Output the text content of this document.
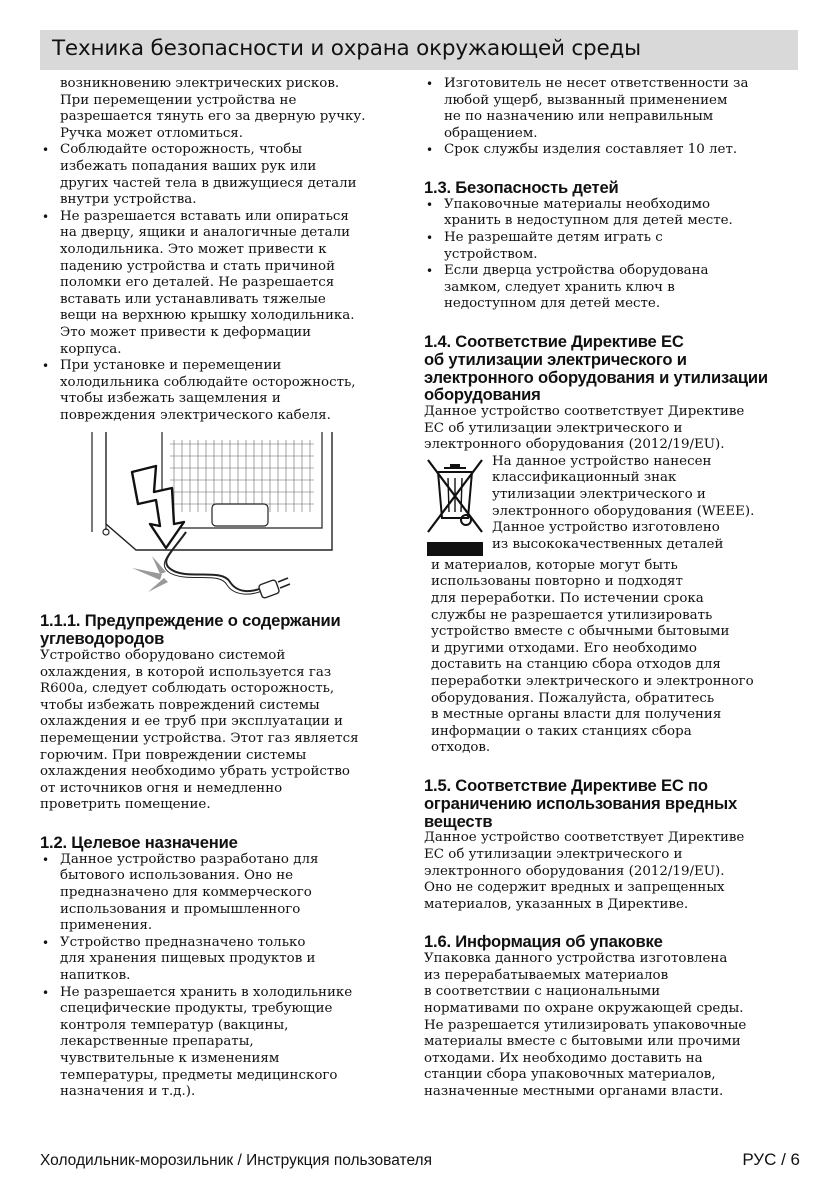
Техника безопасности и охрана окружающей среды

возникновению электрических рисков.

При перемещении устройства не

разрешается тянуть его за дверную ручку.

Ручка может отломиться.

• Соблюдайте осторожность, чтобы
избежать попадания ваших рук или
других частей тела в движущиеся детали
внутри устройства.
• Не разрешается вставать или опираться
на дверцу, ящики и аналогичные детали
холодильника. Это может привести к
падению устройства и стать причиной
поломки его деталей. Не разрешается
вставать или устанавливать тяжелые
вещи на верхнюю крышку холодильника.
Это может привести к деформации
корпуса.
• При установке и перемещении
холодильника соблюдайте осторожность,
чтобы избежать защемления и
повреждения электрического кабеля.
1.1.1. Предупреждение о содержании
углеводородов

Устройство оборудовано системой

охлаждения, в которой используется газ

R600a, следует соблюдать осторожность,

чтобы избежать повреждений системы

охлаждения и ее труб при эксплуатации и

перемещении устройства. Этот газ является

горючим. При повреждении системы

охлаждения необходимо убрать устройство

от источников огня и немедленно

проветрить помещение.

1.2. Целевое назначение
• Данное устройство разработано для
бытового использования. Оно не
предназначено для коммерческого
использования и промышленного
применения.
• Устройство предназначено только
для хранения пищевых продуктов и
напитков.
• Не разрешается хранить в холодильнике
специфические продукты, требующие
контроля температур (вакцины,
лекарственные препараты,
чувствительные к изменениям
температуры, предметы медицинского
назначения и т.д.).
• Изготовитель не несет ответственности за
любой ущерб, вызванный применением
не по назначению или неправильным
обращением.
• Срок службы изделия составляет 10 лет.
1.3. Безопасность детей
• Упаковочные материалы необходимо
хранить в недоступном для детей месте.
• Не разрешайте детям играть с
устройством.
• Если дверца устройства оборудована
замком, следует хранить ключ в
недоступном для детей месте.
1.4. Соответствие Директиве ЕС
об утилизации электрического и
электронного оборудования и утилизации
оборудования

Данное устройство соответствует Директиве

ЕС об утилизации электрического и

электронного оборудования (2012/19/EU).

На данное устройство нанесен

классификационный знак

утилизации электрического и

электронного оборудования (WEEE).

Данное устройство изготовлено

из высококачественных деталей

и материалов, которые могут быть

использованы повторно и подходят

для переработки. По истечении срока

службы не разрешается утилизировать

устройство вместе с обычными бытовыми

и другими отходами. Его необходимо

доставить на станцию сбора отходов для

переработки электрического и электронного

оборудования. Пожалуйста, обратитесь

в местные органы власти для получения

информации о таких станциях сбора

отходов.

1.5. Соответствие Директиве ЕС по
ограничению использования вредных
веществ

Данное устройство соответствует Директиве

ЕС об утилизации электрического и

электронного оборудования (2012/19/EU).

Оно не содержит вредных и запрещенных

материалов, указанных в Директиве.

1.6. Информация об упаковке

Упаковка данного устройства изготовлена

из перерабатываемых материалов

в соответствии с национальными

нормативами по охране окружающей среды.

Не разрешается утилизировать упаковочные

материалы вместе с бытовыми или прочими

отходами. Их необходимо доставить на

станции сбора упаковочных материалов,

назначенные местными органами власти.

Холодильник-морозильник / Инструкция пользователя	РУС / 6
